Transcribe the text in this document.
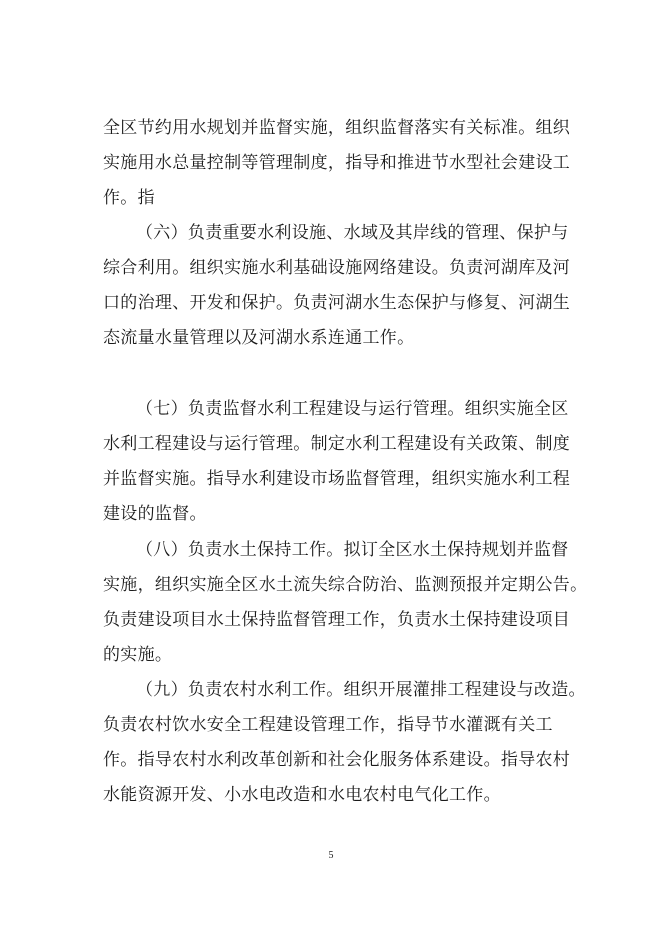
全区节约用水规划并监督实施，组织监督落实有关标准。组织
实施用水总量控制等管理制度，指导和推进节水型社会建设工
作。指
（六）负责重要水利设施、水域及其岸线的管理、保护与
综合利用。组织实施水利基础设施网络建设。负责河湖库及河
口的治理、开发和保护。负责河湖水生态保护与修复、河湖生
态流量水量管理以及河湖水系连通工作。
（七）负责监督水利工程建设与运行管理。组织实施全区
水利工程建设与运行管理。制定水利工程建设有关政策、制度
并监督实施。指导水利建设市场监督管理，组织实施水利工程
建设的监督。
（八）负责水土保持工作。拟订全区水土保持规划并监督
实施，组织实施全区水土流失综合防治、监测预报并定期公告。
负责建设项目水土保持监督管理工作，负责水土保持建设项目
的实施。
（九）负责农村水利工作。组织开展灌排工程建设与改造。
负责农村饮水安全工程建设管理工作，指导节水灌溉有关工
作。指导农村水利改革创新和社会化服务体系建设。指导农村
水能资源开发、小水电改造和水电农村电气化工作。
5
